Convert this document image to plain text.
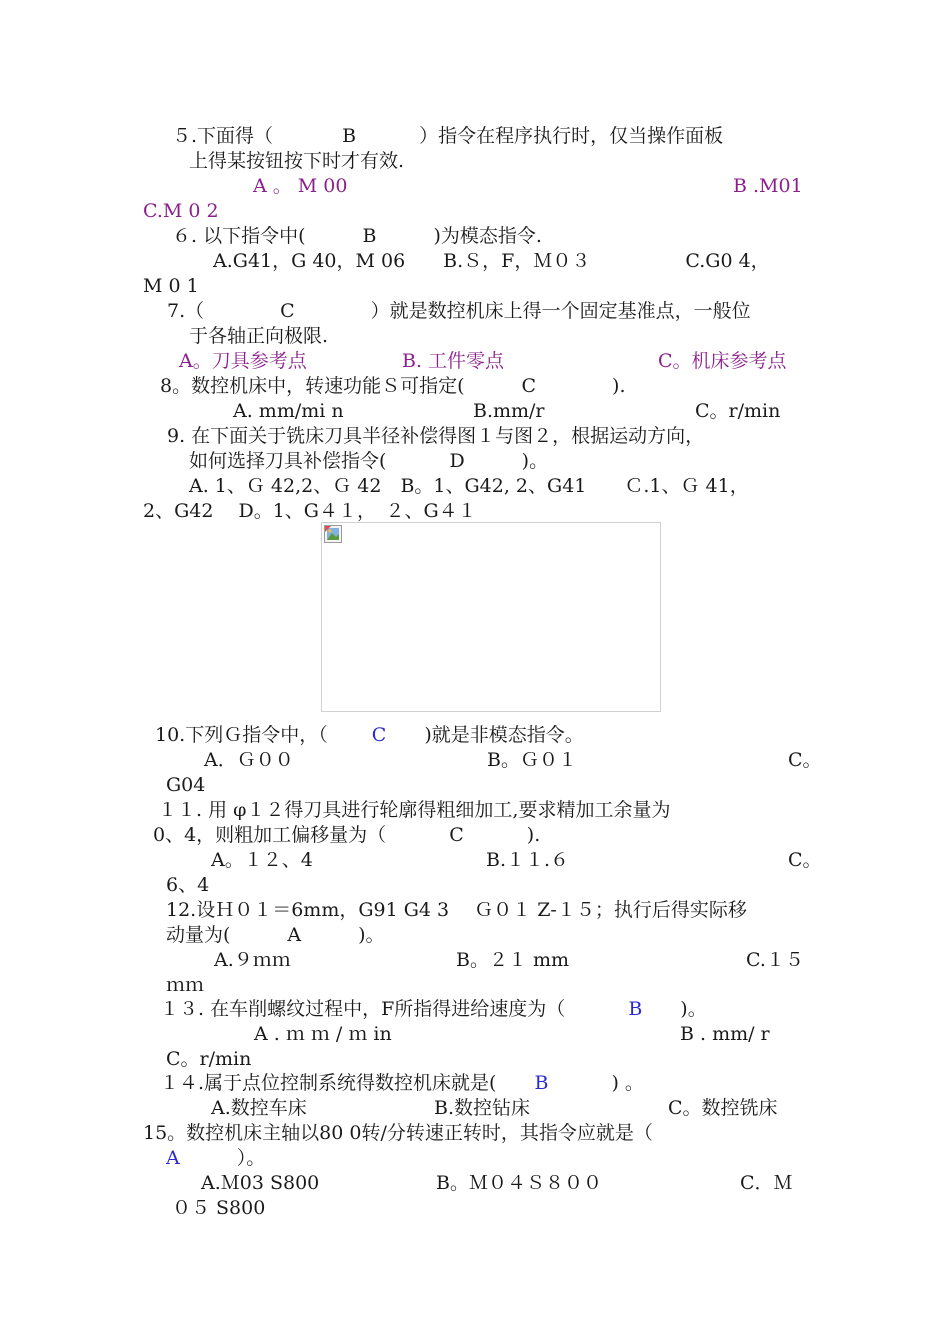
５.下面得（ 　 　　B　　　 ）指令在程序执行时，仅当操作面板
上得某按钮按下时才有效.
A 。 M 00	B .M01
C.M 0 2
６. 以下指令中(　　　B　　　)为模态指令.
A.G41，G 40，M 06　　B.Ｓ，F，Ｍ０３　　　　　C.G0 4，
M 0 1
7.（　　　　C　　　　）就是数控机床上得一个固定基准点，一般位
于各轴正向极限.
A。刀具参考点	B. 工件零点	C。机床参考点
8。数控机床中，转速功能Ｓ可指定(　　　C　　　　).
A. mm/mi n	B.mm/r	C。r/min
9. 在下面关于铣床刀具半径补偿得图１与图２，根据运动方向，
如何选择刀具补偿指令(　　　 D　　　)。
A. 1、Ｇ 42,2、Ｇ 42　B。1、G42, 2、G41　　Ｃ.1、Ｇ 41，
2、G42　 D。1、G４１，　２、G４１
10.下列Ｇ指令中，（　　 C　　)就是非模态指令。
A．Ｇ００	B。Ｇ０１	C。
G04
１１. 用 φ１２得刀具进行轮廓得粗细加工,要求精加工余量为
0、4，则粗加工偏移量为（ 　　　C　　　 ).
A。１２、4	B.１１.６	C。
6、4
12.设Ｈ０１＝6mm，G91 G4 3　 Ｇ０１ Z-１５；执行后得实际移
动量为(　　　A　　　)。
A.９ｍｍ	B。２１ mm	C.１５
ｍｍ
１３. 在车削螺纹过程中，F所指得进给速度为（ 　　　B　　)。
A . ｍ ｍ / ｍ in	B . mm/ r
C。r/min
１４.属于点位控制系统得数控机床就是(　　B　　　 ) 。
A.数控车床	B.数控钻床	C。数控铣床
15。数控机床主轴以80 0转/分转速正转时，其指令应就是（
A　　　）。
A.Ｍ03 S800	B。Ｍ０４Ｓ８００	C．Ｍ
０５ S800
